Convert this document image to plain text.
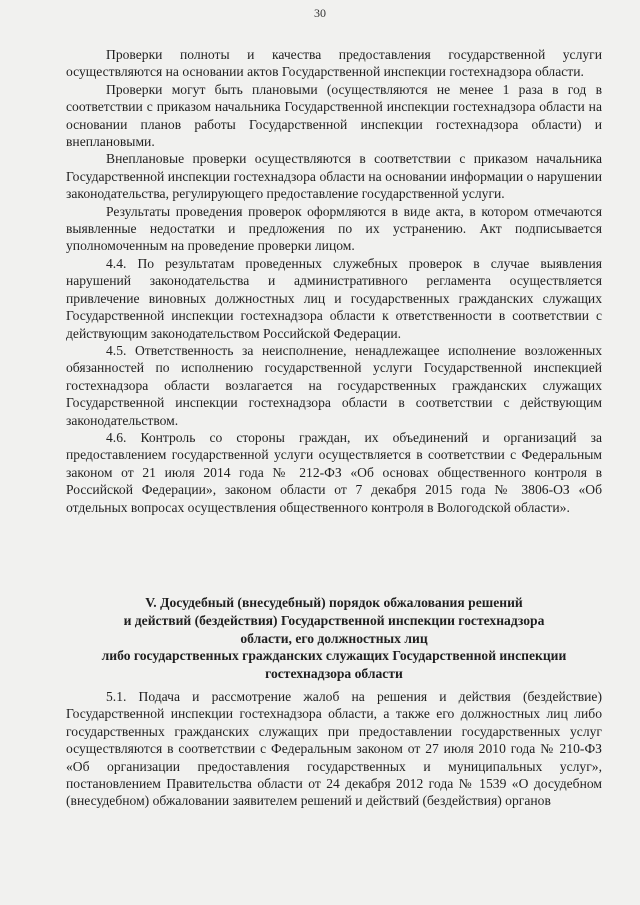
30

Проверки полноты и качества предоставления государственной услуги осуществляются на основании актов Государственной инспекции гостехнадзора области.

Проверки могут быть плановыми (осуществляются не менее 1 раза в год в соответствии с приказом начальника Государственной инспекции гостехнадзора области на основании планов работы Государственной инспекции гостехнадзора области) и внеплановыми.

Внеплановые проверки осуществляются в соответствии с приказом начальника Государственной инспекции гостехнадзора области на основании информации о нарушении законодательства, регулирующего предоставление государственной услуги.

Результаты проведения проверок оформляются в виде акта, в котором отмечаются выявленные недостатки и предложения по их устранению. Акт подписывается уполномоченным на проведение проверки лицом.

4.4. По результатам проведенных служебных проверок в случае выявления нарушений законодательства и административного регламента осуществляется привлечение виновных должностных лиц и государственных гражданских служащих Государственной инспекции гостехнадзора области к ответственности в соответствии с действующим законодательством Российской Федерации.

4.5. Ответственность за неисполнение, ненадлежащее исполнение возложенных обязанностей по исполнению государственной услуги Государственной инспекцией гостехнадзора области возлагается на государственных гражданских служащих Государственной инспекции гостехнадзора области в соответствии с действующим законодательством.

4.6. Контроль со стороны граждан, их объединений и организаций за предоставлением государственной услуги осуществляется в соответствии с Федеральным законом от 21 июля 2014 года № 212-ФЗ «Об основах общественного контроля в Российской Федерации», законом области от 7 декабря 2015 года № 3806-ОЗ «Об отдельных вопросах осуществления общественного контроля в Вологодской области».

V. Досудебный (внесудебный) порядок обжалования решений
и действий (бездействия) Государственной инспекции гостехнадзора
области, его должностных лиц
либо государственных гражданских служащих Государственной инспекции
гостехнадзора области

5.1. Подача и рассмотрение жалоб на решения и действия (бездействие) Государственной инспекции гостехнадзора области, а также его должностных лиц либо государственных гражданских служащих при предоставлении государственных услуг осуществляются в соответствии с Федеральным законом от 27 июля 2010 года № 210-ФЗ «Об организации предоставления государственных и муниципальных услуг», постановлением Правительства области от 24 декабря 2012 года № 1539 «О досудебном (внесудебном) обжаловании заявителем решений и действий (бездействия) органов
